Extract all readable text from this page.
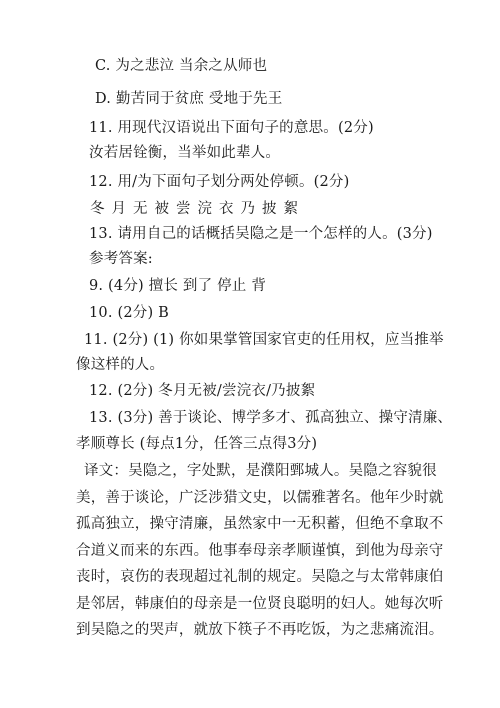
C. 为之悲泣 当余之从师也
D. 勤苦同于贫庶 受地于先王
11. 用现代汉语说出下面句子的意思。(2分)
汝若居铨衡，当举如此辈人。
12. 用/为下面句子划分两处停顿。(2分)
冬月无被尝浣衣乃披絮
13. 请用自己的话概括吴隐之是一个怎样的人。(3分)
参考答案:
9. (4分) 擅长 到了 停止 背
10. (2分) B
11. (2分) (1) 你如果掌管国家官吏的任用权，应当推举
像这样的人。
12. (2分) 冬月无被/尝浣衣/乃披絮
13. (3分) 善于谈论、博学多才、孤高独立、操守清廉、
孝顺尊长 (每点1分，任答三点得3分)
译文：吴隐之，字处默，是濮阳鄄城人。吴隐之容貌很
美，善于谈论，广泛涉猎文史，以儒雅著名。他年少时就
孤高独立，操守清廉，虽然家中一无积蓄，但绝不拿取不
合道义而来的东西。他事奉母亲孝顺谨慎，到他为母亲守
丧时，哀伤的表现超过礼制的规定。吴隐之与太常韩康伯
是邻居，韩康伯的母亲是一位贤良聪明的妇人。她每次听
到吴隐之的哭声，就放下筷子不再吃饭，为之悲痛流泪。
